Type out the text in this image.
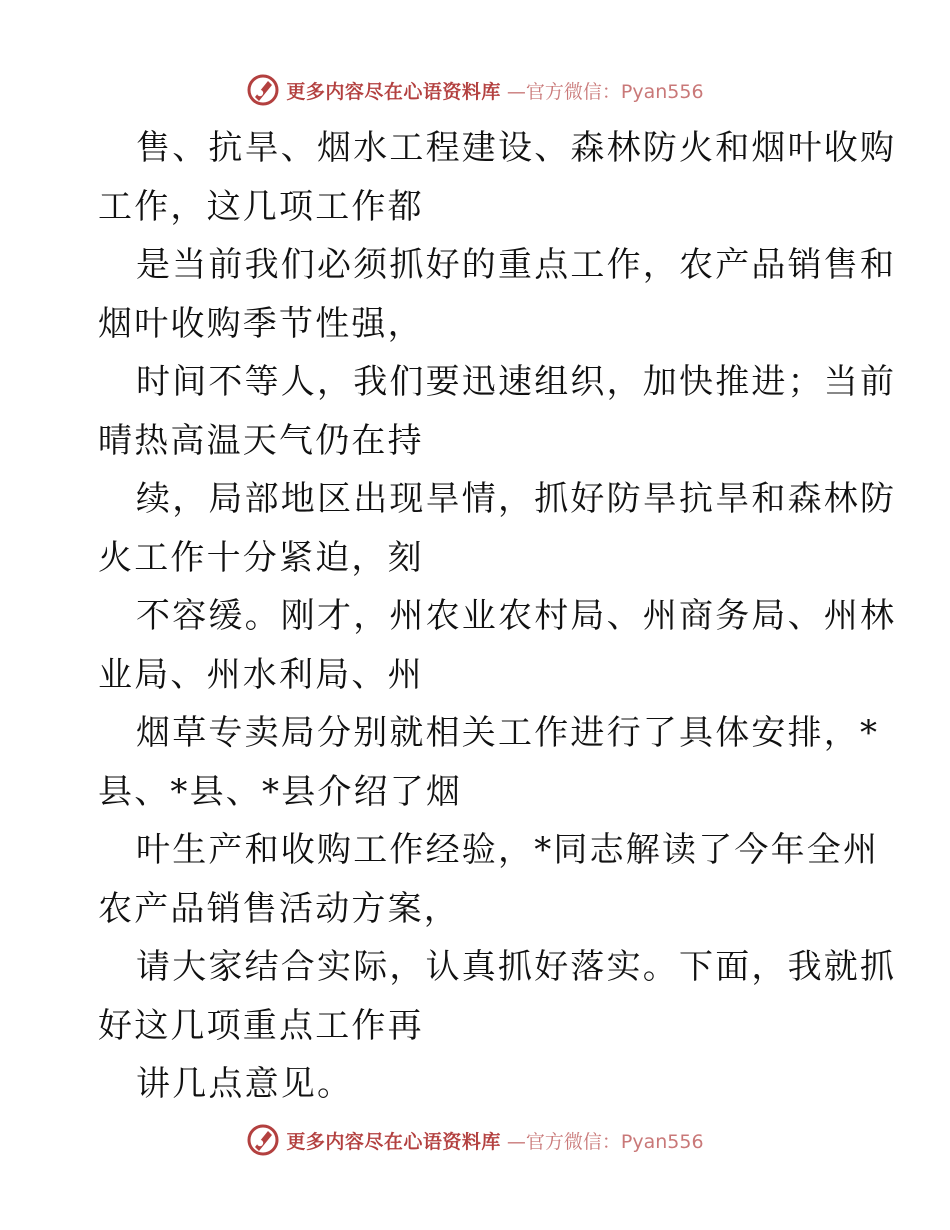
更多内容尽在心语资料库 —官方微信：Pyan556
售、抗旱、烟水工程建设、森林防火和烟叶收购
工作，这几项工作都
是当前我们必须抓好的重点工作，农产品销售和
烟叶收购季节性强，
时间不等人，我们要迅速组织，加快推进；当前
晴热高温天气仍在持
续，局部地区出现旱情，抓好防旱抗旱和森林防
火工作十分紧迫，刻
不容缓。刚才，州农业农村局、州商务局、州林
业局、州水利局、州
烟草专卖局分别就相关工作进行了具体安排，*
县、*县、*县介绍了烟
叶生产和收购工作经验，*同志解读了今年全州
农产品销售活动方案，
请大家结合实际，认真抓好落实。下面，我就抓
好这几项重点工作再
讲几点意见。
更多内容尽在心语资料库 —官方微信：Pyan556
